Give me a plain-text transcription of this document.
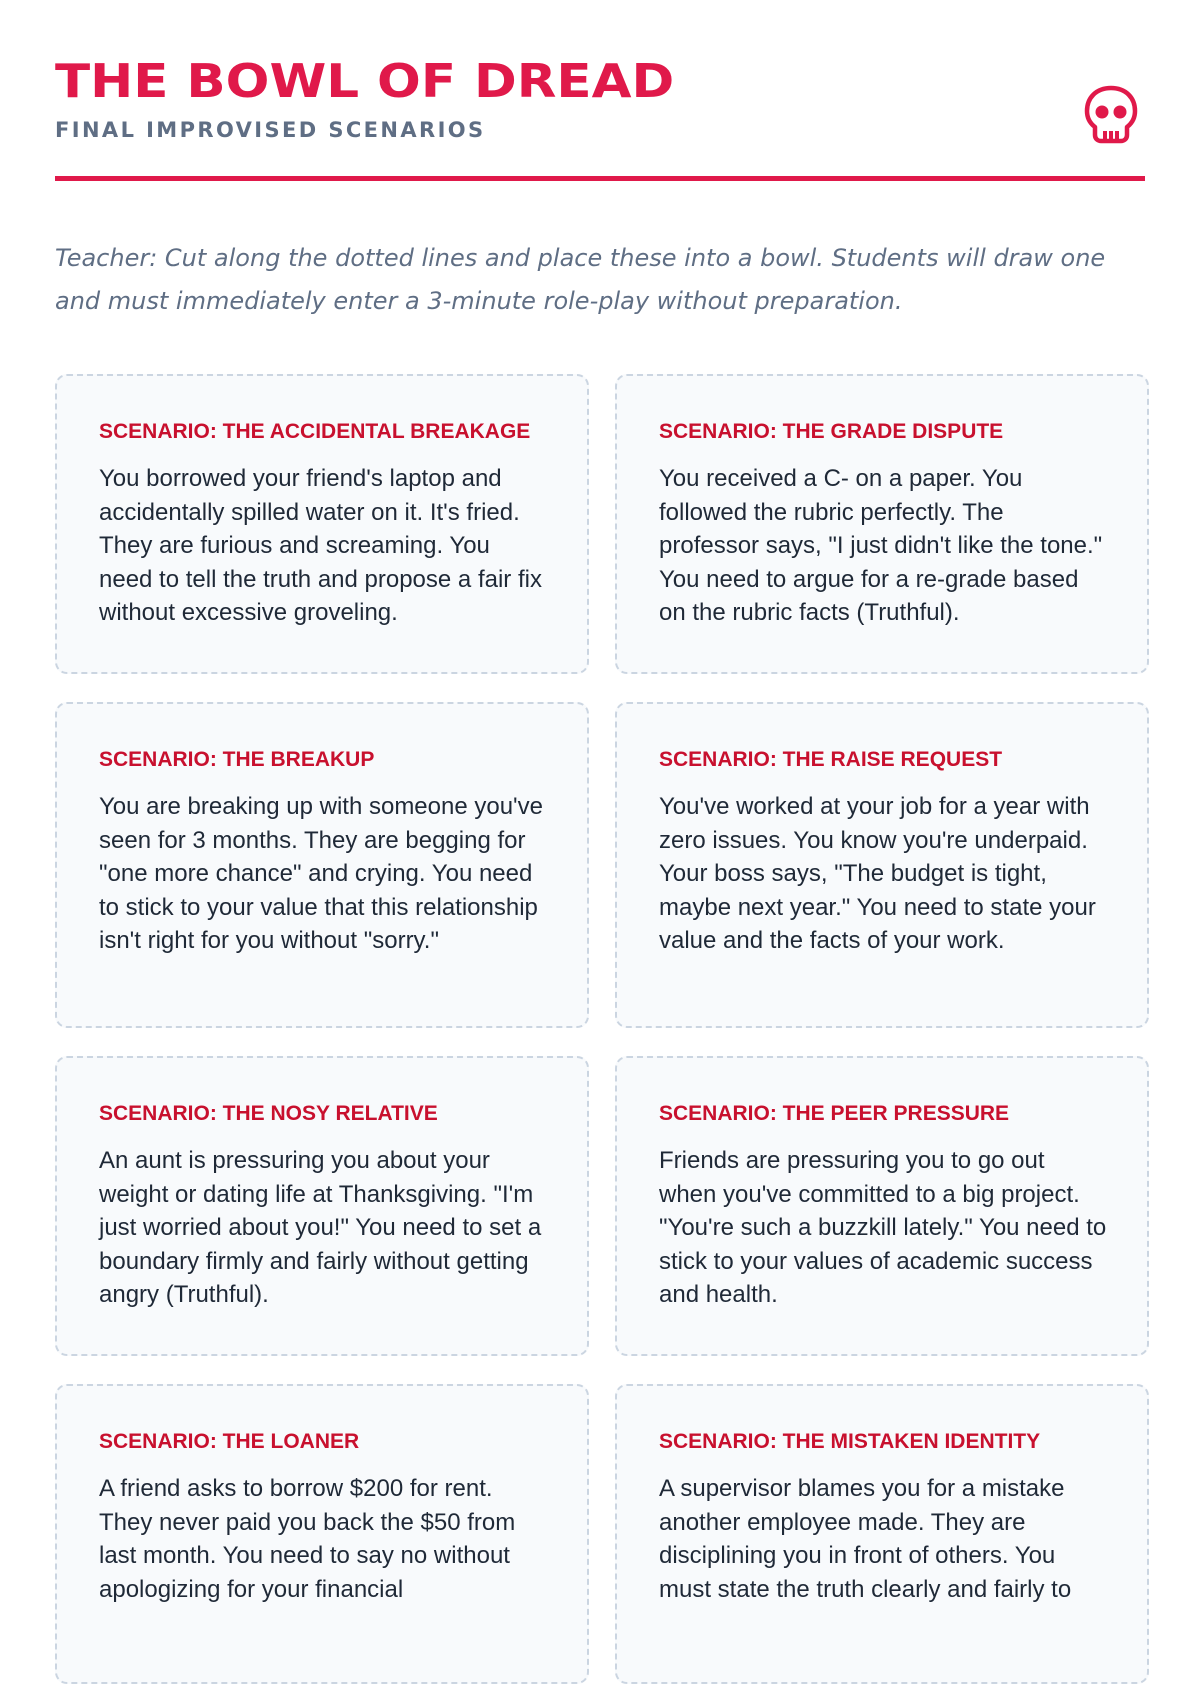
THE BOWL OF DREAD
FINAL IMPROVISED SCENARIOS
Teacher: Cut along the dotted lines and place these into a bowl. Students will draw one and must immediately enter a 3-minute role-play without preparation.
SCENARIO: THE ACCIDENTAL BREAKAGE
You borrowed your friend's laptop and accidentally spilled water on it. It's fried. They are furious and screaming. You need to tell the truth and propose a fair fix without excessive groveling.
SCENARIO: THE GRADE DISPUTE
You received a C- on a paper. You followed the rubric perfectly. The professor says, "I just didn't like the tone." You need to argue for a re-grade based on the rubric facts (Truthful).
SCENARIO: THE BREAKUP
You are breaking up with someone you've seen for 3 months. They are begging for "one more chance" and crying. You need to stick to your value that this relationship isn't right for you without "sorry."
SCENARIO: THE RAISE REQUEST
You've worked at your job for a year with zero issues. You know you're underpaid. Your boss says, "The budget is tight, maybe next year." You need to state your value and the facts of your work.
SCENARIO: THE NOSY RELATIVE
An aunt is pressuring you about your weight or dating life at Thanksgiving. "I'm just worried about you!" You need to set a boundary firmly and fairly without getting angry (Truthful).
SCENARIO: THE PEER PRESSURE
Friends are pressuring you to go out when you've committed to a big project. "You're such a buzzkill lately." You need to stick to your values of academic success and health.
SCENARIO: THE LOANER
A friend asks to borrow $200 for rent. They never paid you back the $50 from last month. You need to say no without apologizing for your financial
SCENARIO: THE MISTAKEN IDENTITY
A supervisor blames you for a mistake another employee made. They are disciplining you in front of others. You must state the truth clearly and fairly to
